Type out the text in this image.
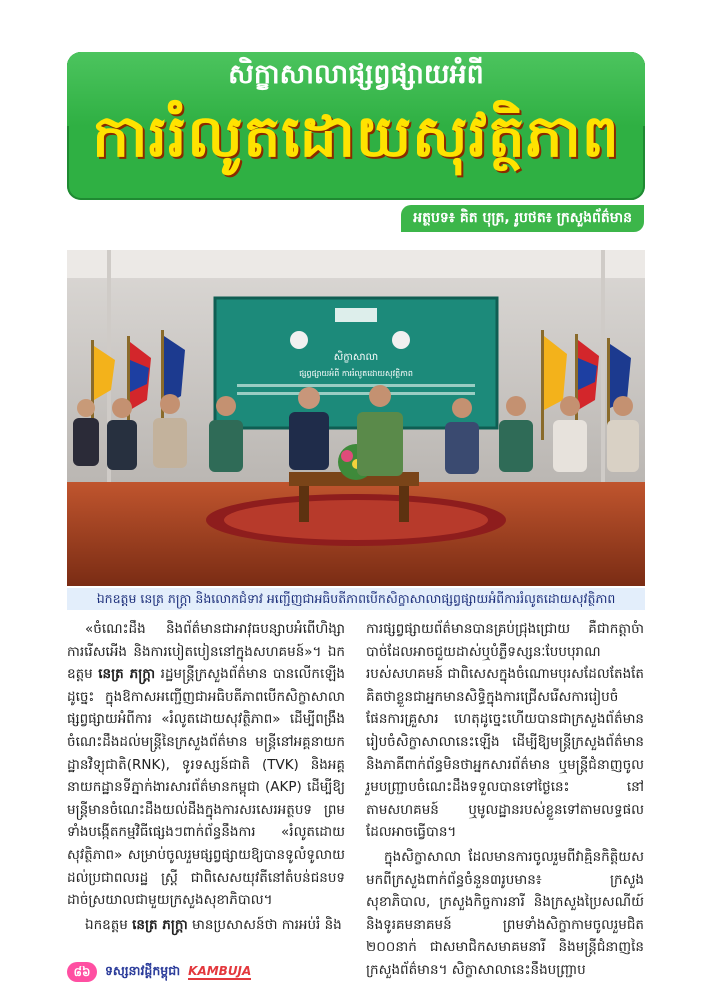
សិក្ខាសាលាផ្សព្វផ្សាយអំពី
ការរំលូតដោយសុវត្ថិភាព
អត្ថបទ៖ គិត បុត្រ, រូបថត៖ ក្រសួងព័ត៌មាន
សិក្ខាសាលា
ផ្សព្វផ្សាយអំពី ការរំលូតដោយសុវត្ថិភាព
ឯកឧត្តម នេត្រ ភក្ត្រា និងលោកជំទាវ អញ្ជើញជាអធិបតីភាពបើកសិក្ខាសាលាផ្សព្វផ្សាយអំពីការរំលូតដោយសុវត្ថិភាព

«ចំណេះដឹង និងព័ត៌មានជាអាវុធបន្សាបអំពើហិង្សា ការរើសអើង និងការបៀតបៀននៅក្នុងសហគមន៍»។ ឯកឧត្តម នេត្រ ភក្ត្រា រដ្ឋមន្ត្រីក្រសួងព័ត៌មាន បានលើកឡើងដូច្នេះ ក្នុងឱកាសអញ្ជើញជាអធិបតីភាពបើកសិក្ខាសាលាផ្សព្វផ្សាយអំពីការ «រំលូតដោយសុវត្ថិភាព» ដើម្បីពង្រឹងចំណេះដឹងដល់មន្ត្រីនៃក្រសួងព័ត៌មាន មន្ត្រីនៅអគ្គនាយកដ្ឋានវិទ្យុជាតិ(RNK), ទូរទស្សន៍ជាតិ (TVK) និងអគ្គនាយកដ្ឋានទីភ្នាក់ងារសារព័ត៌មានកម្ពុជា (AKP) ដើម្បីឱ្យមន្ត្រីមានចំណេះដឹងយល់ដឹងក្នុងការសរសេរអត្ថបទ ព្រមទាំងបង្កើតកម្មវិធីផ្សេងៗពាក់ព័ន្ធនឹងការ «រំលូតដោយសុវត្ថិភាព» សម្រាប់ចូលរួមផ្សព្វផ្សាយឱ្យបានទូលំទូលាយដល់ប្រជាពលរដ្ឋ ស្ត្រី ជាពិសេសយុវតីនៅតំបន់ជនបទដាច់ស្រយាលជាមួយក្រសួងសុខាភិបាល។

ឯកឧត្តម នេត្រ ភក្ត្រា មានប្រសាសន៍ថា ការអប់រំ និង

ការផ្សព្វផ្សាយព័ត៌មានបានគ្រប់ជ្រុងជ្រោយ គឺជាកត្តាចំាបាច់ដែលអាចជួយដាស់ឬបំភ្លឺទស្សនៈបែបបុរាណរបស់សហគមន៍ ជាពិសេសក្នុងចំណោមបុរសដែលតែងតែគិតថាខ្លួនជាអ្នកមានសិទ្ធិក្នុងការជ្រើសរើសការរៀបចំផែនការគ្រួសារ ហេតុដូច្នេះហើយបានជាក្រសួងព័ត៌មានរៀបចំសិក្ខាសាលានេះឡើង ដើម្បីឱ្យមន្ត្រីក្រសួងព័ត៌មាន និងភាគីពាក់ព័ន្ធមិនថាអ្នកសារព័ត៌មាន ឬមន្ត្រីជំនាញចូលរួមបញ្ជ្រាបចំណេះដឹងទទួលបានទៅថ្ងៃនេះ នៅតាមសហគមន៍ ឬមូលដ្ឋានរបស់ខ្លួនទៅតាមលទ្ធផលដែលអាចធ្វើបាន។

ក្នុងសិក្ខាសាលា ដែលមានការចូលរួមពីវាគ្មិនកិត្តិយសមកពីក្រសួងពាក់ព័ន្ធចំនួន៣រូបមាន៖ ក្រសួងសុខាភិបាល, ក្រសួងកិច្ចការនារី និងក្រសួងប្រៃសណីយ៍ និងទូរគមនាគមន៍ ព្រមទាំងសិក្ខាកាមចូលរួមជិត ២០០នាក់ ជាសមាជិកសមាគមនារី និងមន្ត្រីជំនាញនៃក្រសួងព័ត៌មាន។ សិក្ខាសាលានេះនឹងបញ្ជ្រាប

៨៦	ទស្សនាវដ្តីកម្ពុជា KAMBUJA
